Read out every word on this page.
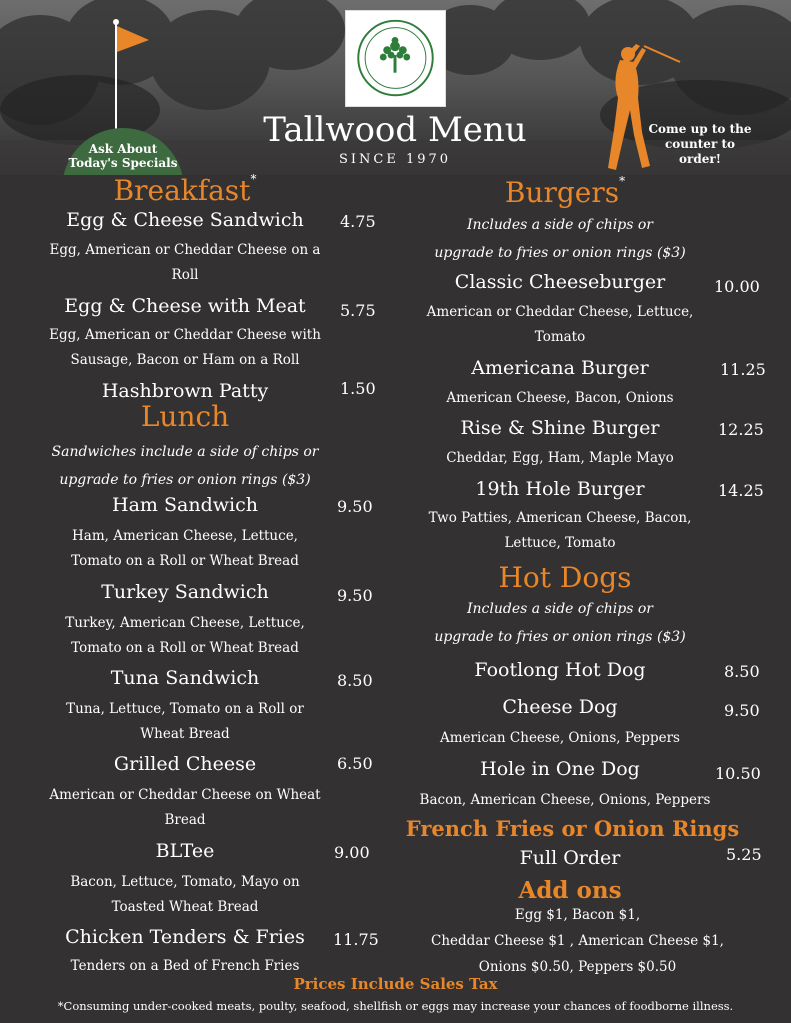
Ask About
Today's Specials
Tallwood Menu
SINCE 1970
Come up to the
counter to
order!
Breakfast*
Egg & Cheese Sandwich	4.75
Egg, American or Cheddar Cheese on a
Roll
Egg & Cheese with Meat	5.75
Egg, American or Cheddar Cheese with
Sausage, Bacon or Ham on a Roll
Hashbrown Patty	1.50
Lunch
Sandwiches include a side of chips or
upgrade to fries or onion rings ($3)
Ham Sandwich	9.50
Ham, American Cheese, Lettuce,
Tomato on a Roll or Wheat Bread
Turkey Sandwich	9.50
Turkey, American Cheese, Lettuce,
Tomato on a Roll or Wheat Bread
Tuna Sandwich	8.50
Tuna, Lettuce, Tomato on a Roll or
Wheat Bread
Grilled Cheese	6.50
American or Cheddar Cheese on Wheat
Bread
BLTee	9.00
Bacon, Lettuce, Tomato, Mayo on
Toasted Wheat Bread
Chicken Tenders & Fries	11.75
Tenders on a Bed of French Fries
Burgers*
Includes a side of chips or
upgrade to fries or onion rings ($3)
Classic Cheeseburger	10.00
American or Cheddar Cheese, Lettuce,
Tomato
Americana Burger	11.25
American Cheese, Bacon, Onions
Rise & Shine Burger	12.25
Cheddar, Egg, Ham, Maple Mayo
19th Hole Burger	14.25
Two Patties, American Cheese, Bacon,
Lettuce, Tomato
Hot Dogs
Includes a side of chips or
upgrade to fries or onion rings ($3)
Footlong Hot Dog	8.50
Cheese Dog	9.50
American Cheese, Onions, Peppers
Hole in One Dog	10.50
Bacon, American Cheese, Onions, Peppers
French Fries or Onion Rings
Full Order	5.25
Add ons
Egg $1, Bacon $1,
Cheddar Cheese $1 , American Cheese $1,
Onions $0.50, Peppers $0.50
Prices Include Sales Tax
*Consuming under-cooked meats, poulty, seafood, shellfish or eggs may increase your chances of foodborne illness.
